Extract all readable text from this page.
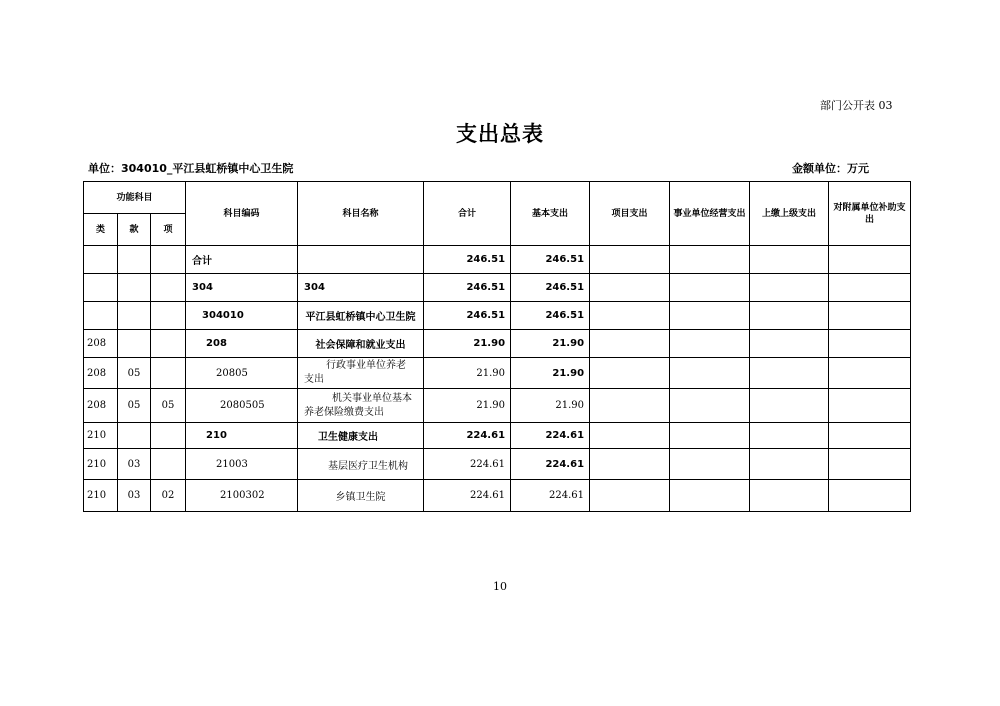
部门公开表 03
支出总表
单位：304010_平江县虹桥镇中心卫生院	金额单位：万元
功能科目			科目编码	科目名称	合计	基本支出	项目支出	事业单位经营支出	上缴上级支出	对附属单位补助支出
类	款	项								
			合计		246.51	246.51				
			304	304	246.51	246.51				
			304010	平江县虹桥镇中心卫生院	246.51	246.51				
208			208	社会保障和就业支出	21.90	21.90				
208	05		20805	行政事业单位养老支出	21.90	21.90				
208	05	05	2080505	机关事业单位基本养老保险缴费支出	21.90	21.90				
210			210	卫生健康支出	224.61	224.61				
210	03		21003	基层医疗卫生机构	224.61	224.61				
210	03	02	2100302	乡镇卫生院	224.61	224.61				
10
